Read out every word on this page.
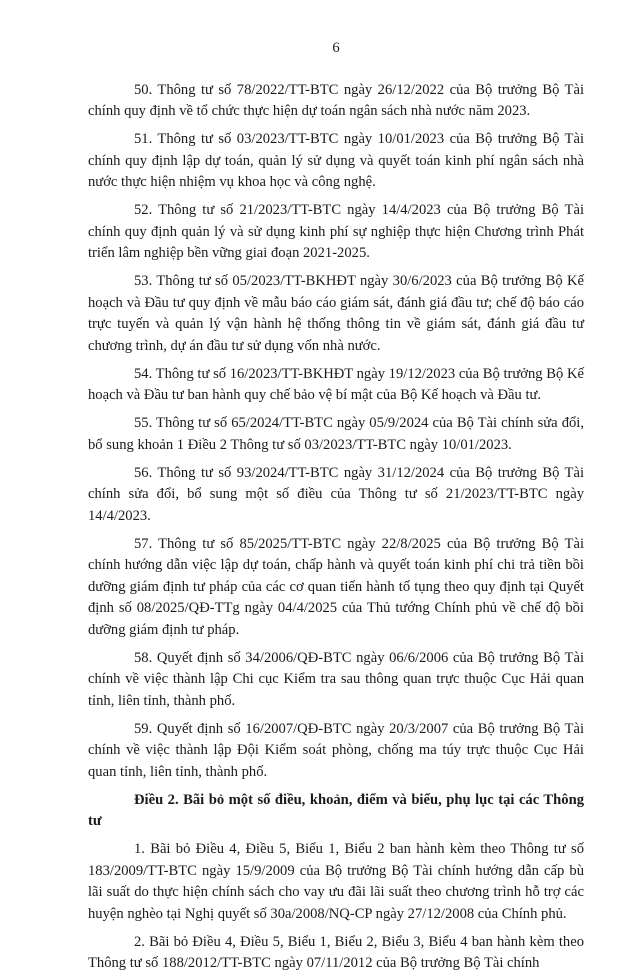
6

50. Thông tư số 78/2022/TT-BTC ngày 26/12/2022 của Bộ trưởng Bộ Tài chính quy định về tổ chức thực hiện dự toán ngân sách nhà nước năm 2023.

51. Thông tư số 03/2023/TT-BTC ngày 10/01/2023 của Bộ trưởng Bộ Tài chính quy định lập dự toán, quản lý sử dụng và quyết toán kinh phí ngân sách nhà nước thực hiện nhiệm vụ khoa học và công nghệ.

52. Thông tư số 21/2023/TT-BTC ngày 14/4/2023 của Bộ trưởng Bộ Tài chính quy định quản lý và sử dụng kinh phí sự nghiệp thực hiện Chương trình Phát triển lâm nghiệp bền vững giai đoạn 2021-2025.

53. Thông tư số 05/2023/TT-BKHĐT ngày 30/6/2023 của Bộ trưởng Bộ Kế hoạch và Đầu tư quy định về mẫu báo cáo giám sát, đánh giá đầu tư; chế độ báo cáo trực tuyến và quản lý vận hành hệ thống thông tin về giám sát, đánh giá đầu tư chương trình, dự án đầu tư sử dụng vốn nhà nước.

54. Thông tư số 16/2023/TT-BKHĐT ngày 19/12/2023 của Bộ trưởng Bộ Kế hoạch và Đầu tư ban hành quy chế bảo vệ bí mật của Bộ Kế hoạch và Đầu tư.

55. Thông tư số 65/2024/TT-BTC ngày 05/9/2024 của Bộ Tài chính sửa đổi, bổ sung khoản 1 Điều 2 Thông tư số 03/2023/TT-BTC ngày 10/01/2023.

56. Thông tư số 93/2024/TT-BTC ngày 31/12/2024 của Bộ trưởng Bộ Tài chính sửa đổi, bổ sung một số điều của Thông tư số 21/2023/TT-BTC ngày 14/4/2023.

57. Thông tư số 85/2025/TT-BTC ngày 22/8/2025 của Bộ trưởng Bộ Tài chính hướng dẫn việc lập dự toán, chấp hành và quyết toán kinh phí chi trả tiền bồi dưỡng giám định tư pháp của các cơ quan tiến hành tố tụng theo quy định tại Quyết định số 08/2025/QĐ-TTg ngày 04/4/2025 của Thủ tướng Chính phủ về chế độ bồi dưỡng giám định tư pháp.

58. Quyết định số 34/2006/QĐ-BTC ngày 06/6/2006 của Bộ trưởng Bộ Tài chính về việc thành lập Chi cục Kiểm tra sau thông quan trực thuộc Cục Hải quan tỉnh, liên tỉnh, thành phố.

59. Quyết định số 16/2007/QĐ-BTC ngày 20/3/2007 của Bộ trưởng Bộ Tài chính về việc thành lập Đội Kiểm soát phòng, chống ma túy trực thuộc Cục Hải quan tỉnh, liên tỉnh, thành phố.

Điều 2. Bãi bỏ một số điều, khoản, điểm và biểu, phụ lục tại các Thông tư

1. Bãi bỏ Điều 4, Điều 5, Biểu 1, Biểu 2 ban hành kèm theo Thông tư số 183/2009/TT-BTC ngày 15/9/2009 của Bộ trưởng Bộ Tài chính hướng dẫn cấp bù lãi suất do thực hiện chính sách cho vay ưu đãi lãi suất theo chương trình hỗ trợ các huyện nghèo tại Nghị quyết số 30a/2008/NQ-CP ngày 27/12/2008 của Chính phủ.

2. Bãi bỏ Điều 4, Điều 5, Biểu 1, Biểu 2, Biểu 3, Biểu 4 ban hành kèm theo Thông tư số 188/2012/TT-BTC ngày 07/11/2012 của Bộ trưởng Bộ Tài chính
